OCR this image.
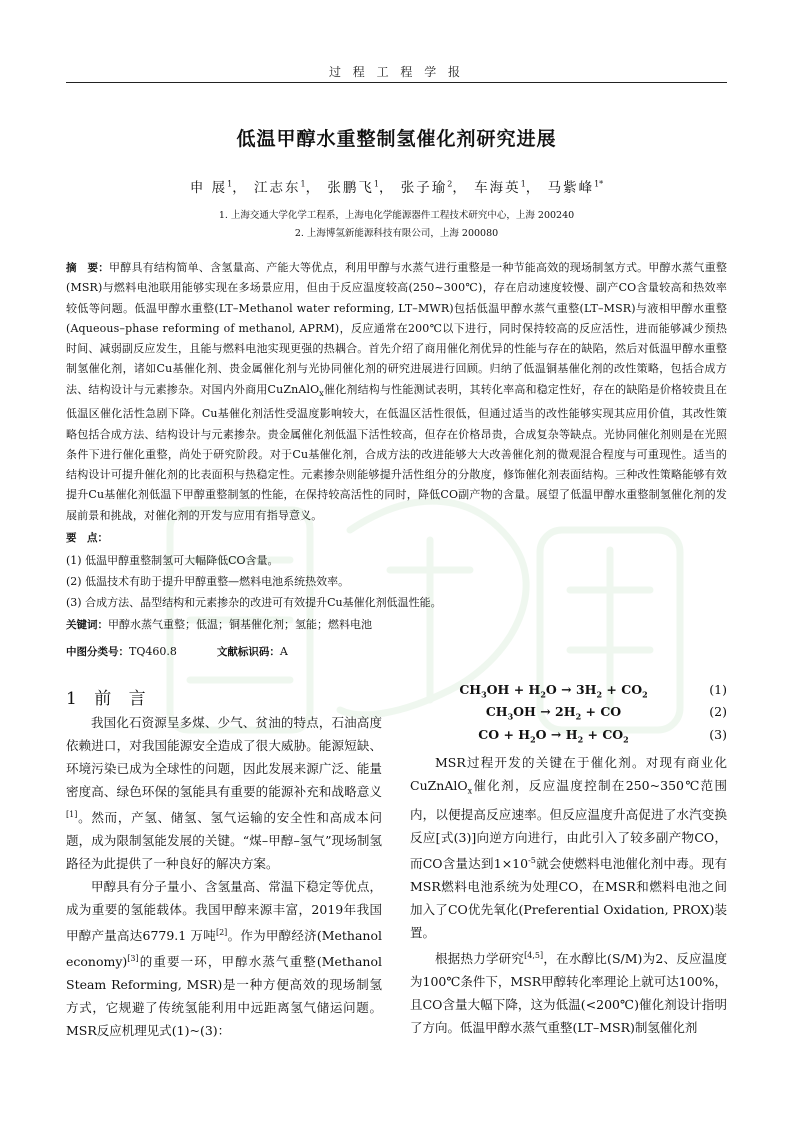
过 程 工 程 学 报
低温甲醇水重整制氢催化剂研究进展
申 展$^1$， 江志东$^1$， 张鹏飞$^1$， 张子瑜$^2$， 车海英$^1$， 马紫峰$^{1*}$
1. 上海交通大学化学工程系，上海电化学能源器件工程技术研究中心，上海 200240
2. 上海博氢新能源科技有限公司，上海 200080
摘　要：甲醇具有结构简单、含氢量高、产能大等优点，利用甲醇与水蒸气进行重整是一种节能高效的现场制氢方式。甲醇水蒸气重整(MSR)与燃料电池联用能够实现在多场景应用，但由于反应温度较高(250~300℃)，存在启动速度较慢、副产CO含量较高和热效率较低等问题。低温甲醇水重整(LT–Methanol water reforming, LT–MWR)包括低温甲醇水蒸气重整(LT–MSR)与液相甲醇水重整(Aqueous–phase reforming of methanol, APRM)，反应通常在200℃以下进行，同时保持较高的反应活性，进而能够减少预热时间、减弱副反应发生，且能与燃料电池实现更强的热耦合。首先介绍了商用催化剂优异的性能与存在的缺陷，然后对低温甲醇水重整制氢催化剂，诸如Cu基催化剂、贵金属催化剂与光协同催化剂的研究进展进行回顾。归纳了低温铜基催化剂的改性策略，包括合成方法、结构设计与元素掺杂。对国内外商用CuZnAlO$_x$催化剂结构与性能测试表明，其转化率高和稳定性好，存在的缺陷是价格较贵且在低温区催化活性急剧下降。Cu基催化剂活性受温度影响较大，在低温区活性很低，但通过适当的改性能够实现其应用价值，其改性策略包括合成方法、结构设计与元素掺杂。贵金属催化剂低温下活性较高，但存在价格昂贵，合成复杂等缺点。光协同催化剂则是在光照条件下进行催化重整，尚处于研究阶段。对于Cu基催化剂，合成方法的改进能够大大改善催化剂的微观混合程度与可重现性。适当的结构设计可提升催化剂的比表面积与热稳定性。元素掺杂则能够提升活性组分的分散度，修饰催化剂表面结构。三种改性策略能够有效提升Cu基催化剂低温下甲醇重整制氢的性能，在保持较高活性的同时，降低CO副产物的含量。展望了低温甲醇水重整制氢催化剂的发展前景和挑战，对催化剂的开发与应用有指导意义。
要　点：
(1) 低温甲醇重整制氢可大幅降低CO含量。
(2) 低温技术有助于提升甲醇重整—燃料电池系统热效率。
(3) 合成方法、晶型结构和元素掺杂的改进可有效提升Cu基催化剂低温性能。
关键词：甲醇水蒸气重整；低温；铜基催化剂；氢能；燃料电池
中图分类号：TQ460.8	文献标识码：A
1 前 言

我国化石资源呈多煤、少气、贫油的特点，石油高度依赖进口，对我国能源安全造成了很大威胁。能源短缺、环境污染已成为全球性的问题，因此发展来源广泛、能量密度高、绿色环保的氢能具有重要的能源补充和战略意义[1]。然而，产氢、储氢、氢气运输的安全性和高成本问题，成为限制氢能发展的关键。“煤–甲醇–氢气”现场制氢路径为此提供了一种良好的解决方案。

甲醇具有分子量小、含氢量高、常温下稳定等优点，成为重要的氢能载体。我国甲醇来源丰富，2019年我国甲醇产量高达6779.1 万吨[2]。作为甲醇经济(Methanol economy)[3]的重要一环，甲醇水蒸气重整(Methanol Steam Reforming, MSR)是一种方便高效的现场制氢方式，它规避了传统氢能利用中远距离氢气储运问题。MSR反应机理见式(1)~(3)：

$CH_3OH + H_2O \to 3H_2 + CO_2$	(1)
$CH_3OH \to 2H_2$ + CO	(2)
CO + $H_2O \to H_2 + CO_2$	(3)

MSR过程开发的关键在于催化剂。对现有商业化CuZnAlO$_x$催化剂，反应温度控制在250~350℃范围内，以便提高反应速率。但反应温度升高促进了水汽变换反应[式(3)]向逆方向进行，由此引入了较多副产物CO，而CO含量达到$1\times 10^{-5}$就会使燃料电池催化剂中毒。现有MSR燃料电池系统为处理CO，在MSR和燃料电池之间加入了CO优先氧化(Preferential Oxidation, PROX)装置。

根据热力学研究[4,5]，在水醇比(S/M)为2、反应温度为100℃条件下，MSR甲醇转化率理论上就可达100%，且CO含量大幅下降，这为低温(<200℃)催化剂设计指明了方向。低温甲醇水蒸气重整(LT–MSR)制氢催化剂
